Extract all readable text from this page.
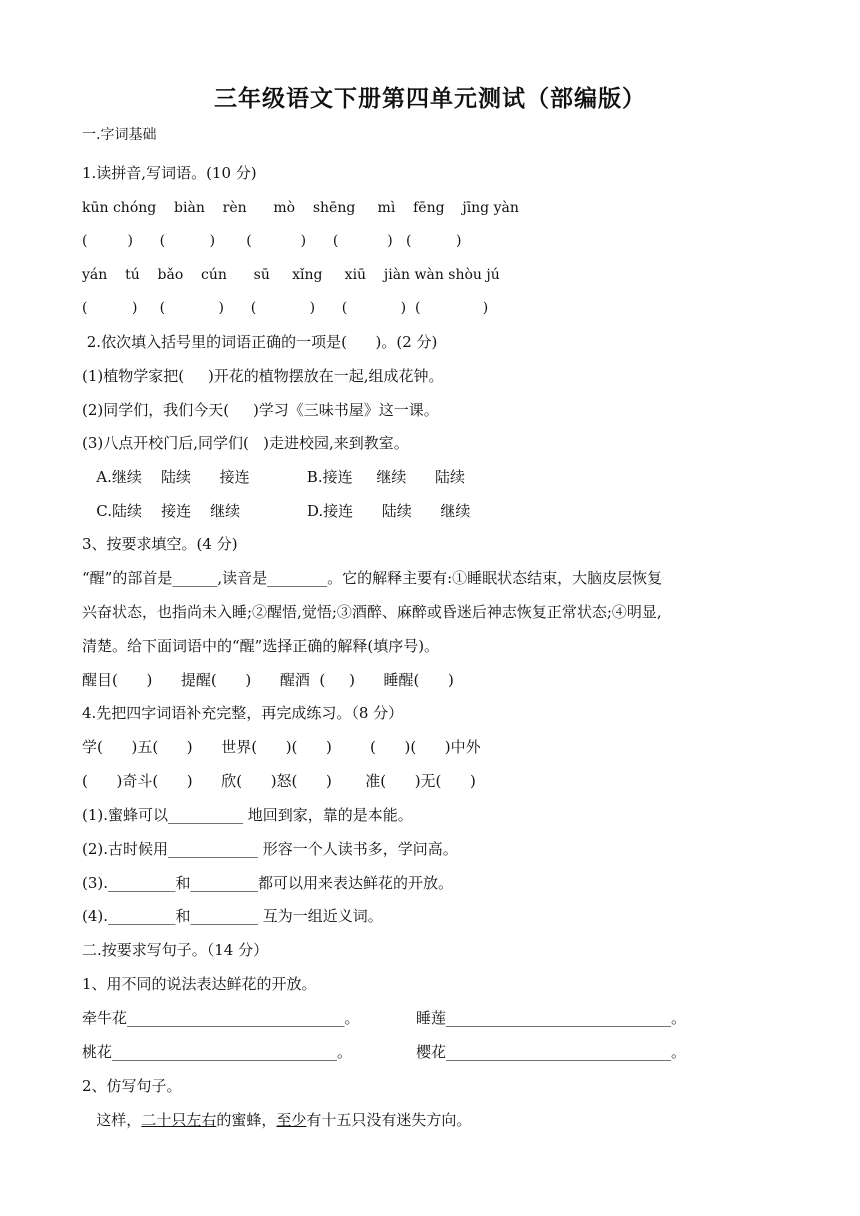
三年级语文下册第四单元测试（部编版）
一.字词基础
1.读拼音,写词语。(10 分)
kūn chóng    biàn    rèn      mò    shēng     mì    fēng    jīng yàn
(         )      (          )       (           )      (           )   (          )
yán    tú    bǎo    cún      sū     xǐng     xiū    jiàn wàn shòu jú
(          )     (            )      (            )      (            )  (              )
2.依次填入括号里的词语正确的一项是(      )。(2 分)
(1)植物学家把(     )开花的植物摆放在一起,组成花钟。
(2)同学们，我们今天(     )学习《三味书屋》这一课。
(3)八点开校门后,同学们(   )走进校园,来到教室。
A.继续    陆续      接连            B.接连     继续      陆续
C.陆续    接连    继续              D.接连      陆续      继续
3、按要求填空。(4 分)
“醒”的部首是______,读音是________。它的解释主要有:①睡眠状态结束，大脑皮层恢复
兴奋状态，也指尚未入睡;②醒悟,觉悟;③酒醉、麻醉或昏迷后神志恢复正常状态;④明显,
清楚。给下面词语中的“醒”选择正确的解释(填序号)。
醒目(      )      提醒(      )      醒酒  (     )      睡醒(      )
4.先把四字词语补充完整，再完成练习。（8 分）
学(      )五(      )      世界(      )(      )        (      )(      )中外
(      )奇斗(      )      欣(      )怒(      )       准(      )无(      )
(1).蜜蜂可以__________ 地回到家，靠的是本能。
(2).古时候用____________ 形容一个人读书多，学问高。
(3)._________和_________都可以用来表达鲜花的开放。
(4)._________和_________ 互为一组近义词。
二.按要求写句子。（14 分）
1、用不同的说法表达鲜花的开放。
牵牛花_____________________________。	睡莲______________________________。
桃花______________________________。	樱花______________________________。
2、仿写句子。
这样，二十只左右的蜜蜂，至少有十五只没有迷失方向。
